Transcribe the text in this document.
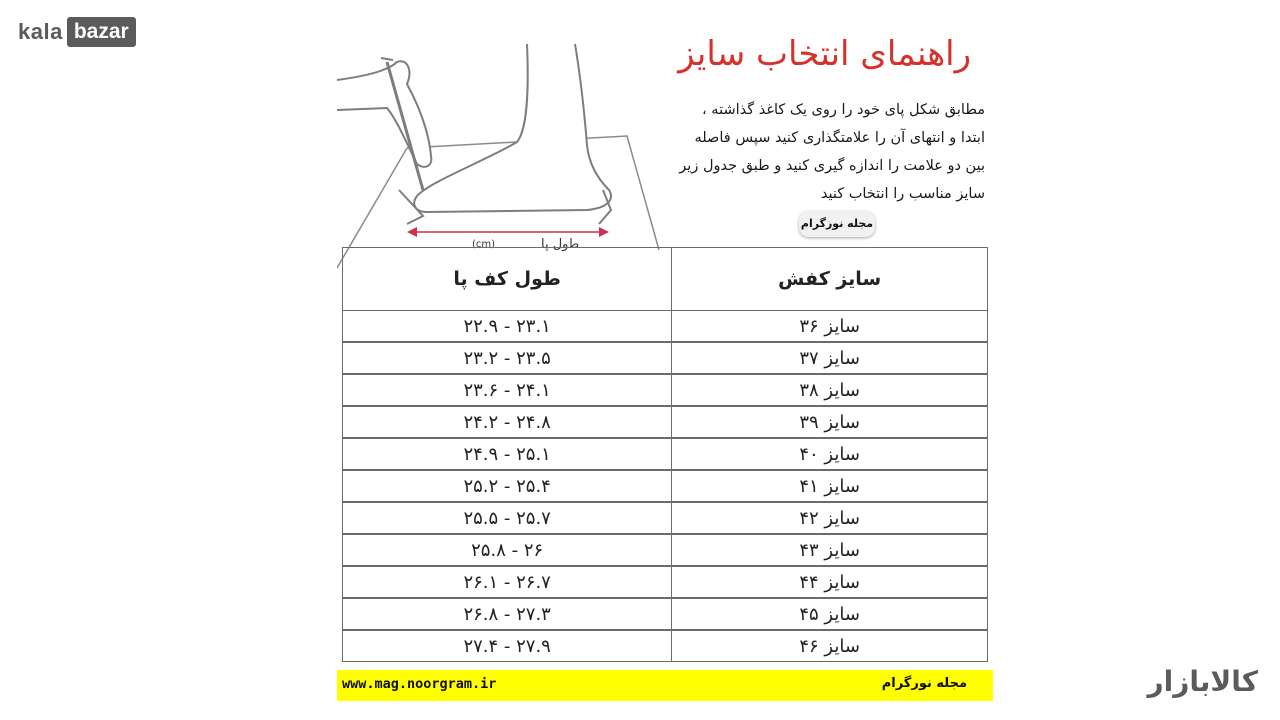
kala bazar
طول پا
(cm)
راهنمای انتخاب سایز
مطابق شکل پای خود را روی یک کاغذ گذاشته ،
ابتدا و انتهای آن را علامتگذاری کنید سپس فاصله
بین دو علامت را اندازه گیری کنید و طبق جدول زیر
سایز مناسب را انتخاب کنید
مجله نورگرام
سایز کفش	طول کف پا
سایز ۳۶	۲۳.۱ - ۲۲.۹
سایز ۳۷	۲۳.۵ - ۲۳.۲
سایز ۳۸	۲۴.۱ - ۲۳.۶
سایز ۳۹	۲۴.۸ - ۲۴.۲
سایز ۴۰	۲۵.۱ - ۲۴.۹
سایز ۴۱	۲۵.۴ - ۲۵.۲
سایز ۴۲	۲۵.۷ - ۲۵.۵
سایز ۴۳	۲۶ - ۲۵.۸
سایز ۴۴	۲۶.۷ - ۲۶.۱
سایز ۴۵	۲۷.۳ - ۲۶.۸
سایز ۴۶	۲۷.۹ - ۲۷.۴
www.mag.noorgram.ir	مجله نورگرام	کالابازار
